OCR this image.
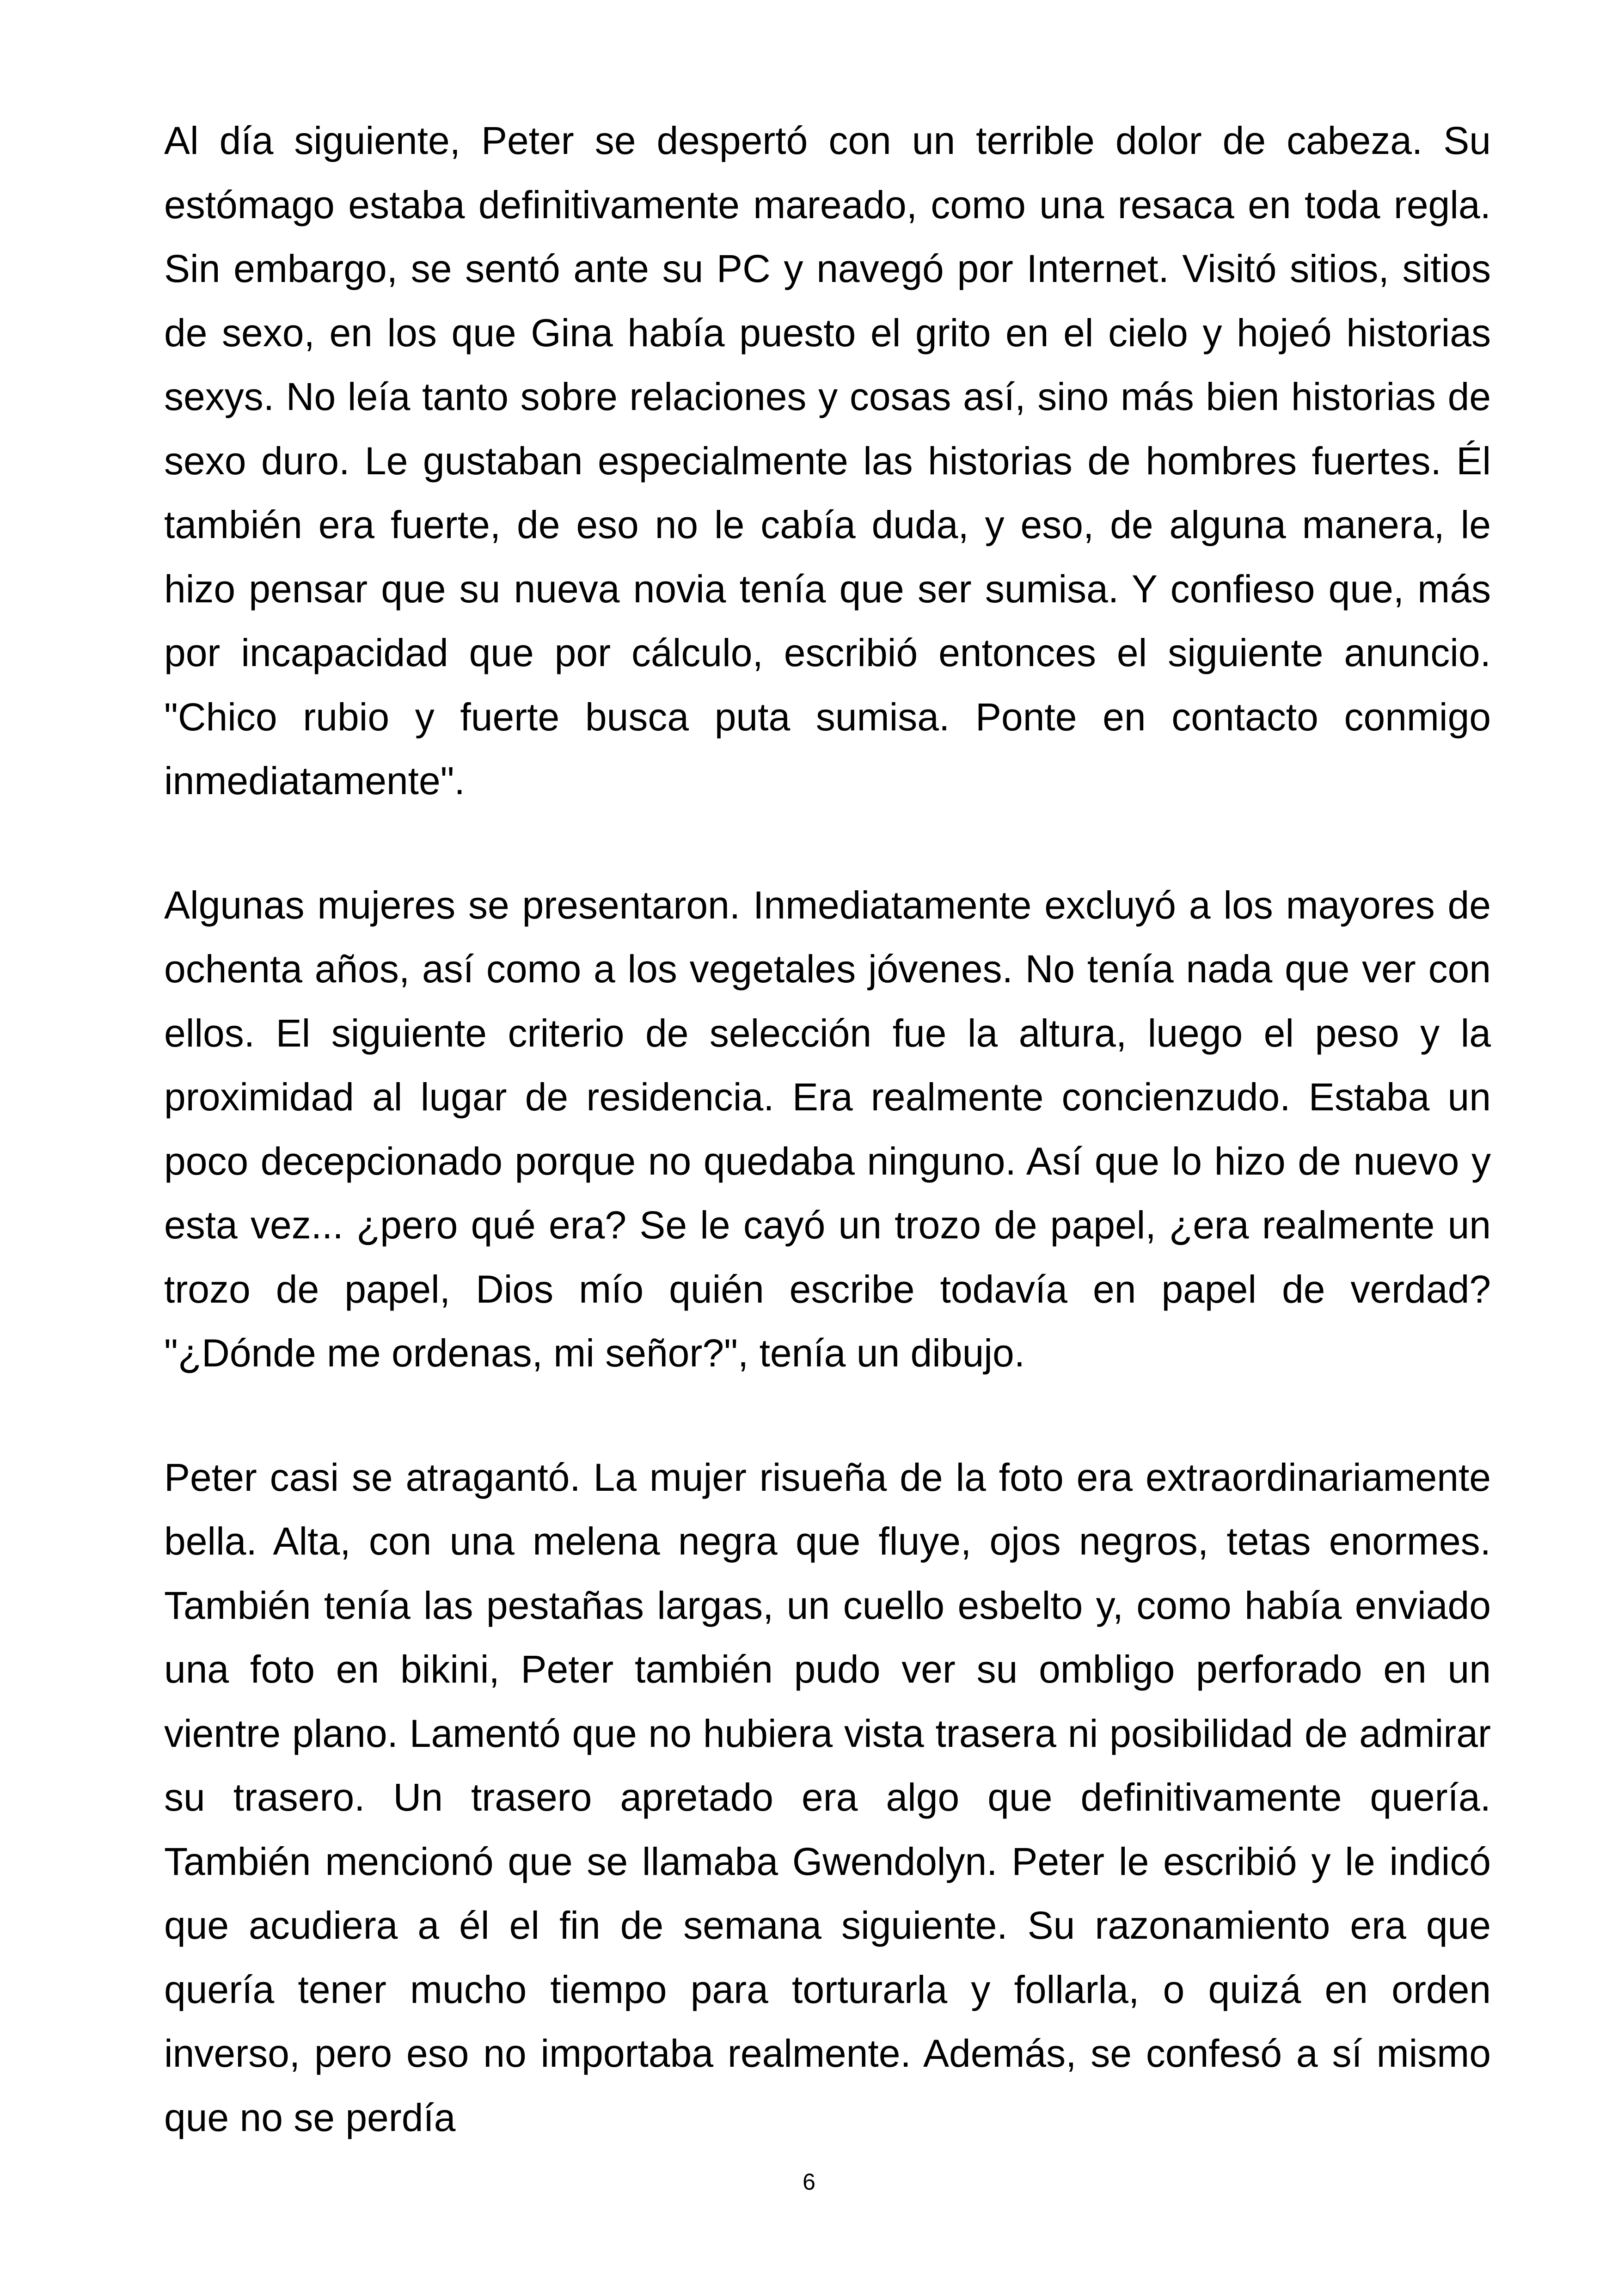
Al día siguiente, Peter se despertó con un terrible dolor de cabeza. Su estómago estaba definitivamente mareado, como una resaca en toda regla. Sin embargo, se sentó ante su PC y navegó por Internet. Visitó sitios, sitios de sexo, en los que Gina había puesto el grito en el cielo y hojeó historias sexys. No leía tanto sobre relaciones y cosas así, sino más bien historias de sexo duro. Le gustaban especialmente las historias de hombres fuertes. Él también era fuerte, de eso no le cabía duda, y eso, de alguna manera, le hizo pensar que su nueva novia tenía que ser sumisa. Y confieso que, más por incapacidad que por cálculo, escribió entonces el siguiente anuncio. "Chico rubio y fuerte busca puta sumisa. Ponte en contacto conmigo inmediatamente".

Algunas mujeres se presentaron. Inmediatamente excluyó a los mayores de ochenta años, así como a los vegetales jóvenes. No tenía nada que ver con ellos. El siguiente criterio de selección fue la altura, luego el peso y la proximidad al lugar de residencia. Era realmente concienzudo. Estaba un poco decepcionado porque no quedaba ninguno. Así que lo hizo de nuevo y esta vez... ¿pero qué era? Se le cayó un trozo de papel, ¿era realmente un trozo de papel, Dios mío quién escribe todavía en papel de verdad? "¿Dónde me ordenas, mi señor?", tenía un dibujo.

Peter casi se atragantó. La mujer risueña de la foto era extraordinariamente bella. Alta, con una melena negra que fluye, ojos negros, tetas enormes. También tenía las pestañas largas, un cuello esbelto y, como había enviado una foto en bikini, Peter también pudo ver su ombligo perforado en un vientre plano. Lamentó que no hubiera vista trasera ni posibilidad de admirar su trasero. Un trasero apretado era algo que definitivamente quería. También mencionó que se llamaba Gwendolyn. Peter le escribió y le indicó que acudiera a él el fin de semana siguiente. Su razonamiento era que quería tener mucho tiempo para torturarla y follarla, o quizá en orden inverso, pero eso no importaba realmente. Además, se confesó a sí mismo que no se perdía

6
